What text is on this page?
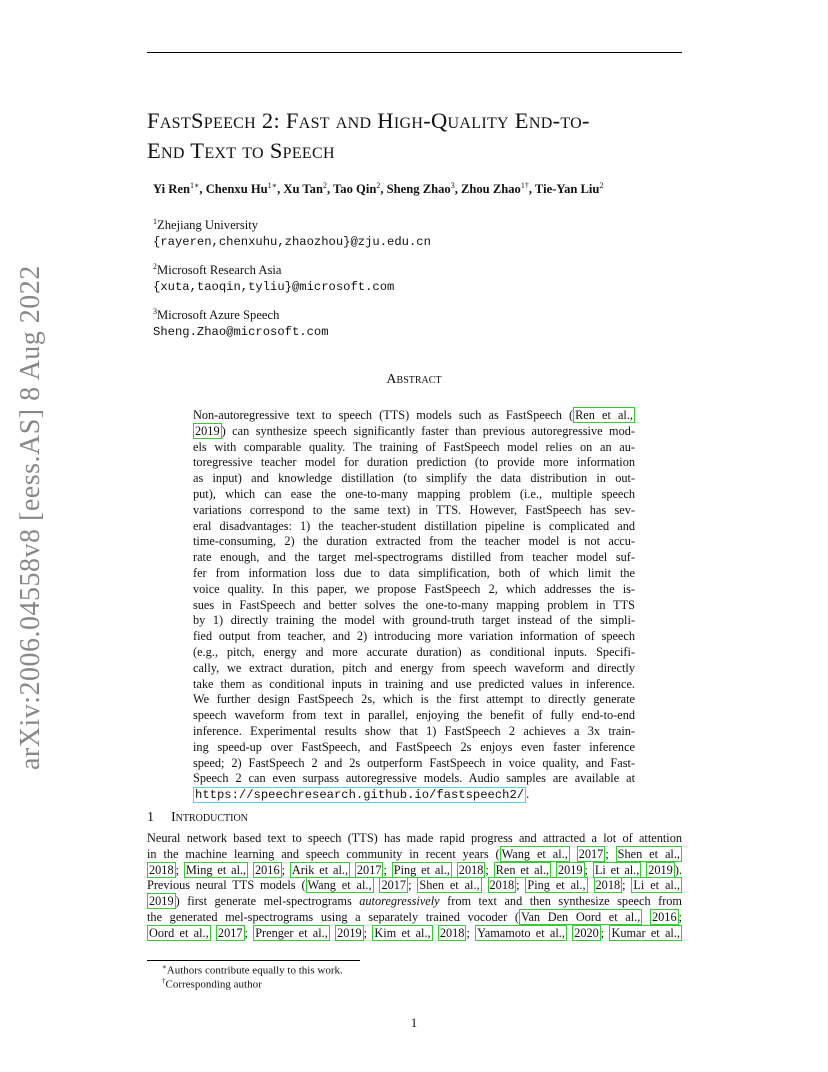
arXiv:2006.04558v8 [eess.AS] 8 Aug 2022
FastSpeech 2: Fast and High-Quality End-to-
End Text to Speech
Yi Ren$^{1∗}$, Chenxu $Hu^{1∗}$, Xu Tan$^2$, Tao Qin$^2$, Sheng Zhao$^3$, Zhou Zhao$^{1\dagger}$, Tie-Yan Liu$^2$
$^1$Zhejiang University
{rayeren,chenxuhu,zhaozhou}@zju.edu.cn
$^2$Microsoft Research Asia
{xuta,taoqin,tyliu}@microsoft.com
$^3$Microsoft Azure Speech
Sheng.Zhao@microsoft.com
Abstract
Non-autoregressive text to speech (TTS) models such as FastSpeech ( Ren et al.,
2019 ) can synthesize speech significantly faster than previous autoregressive mod-
els with comparable quality. The training of FastSpeech model relies on an au-
toregressive teacher model for duration prediction (to provide more information
as input) and knowledge distillation (to simplify the data distribution in out-
put), which can ease the one-to-many mapping problem (i.e., multiple speech
variations correspond to the same text) in TTS. However, FastSpeech has sev-
eral disadvantages: 1) the teacher-student distillation pipeline is complicated and
time-consuming, 2) the duration extracted from the teacher model is not accu-
rate enough, and the target mel-spectrograms distilled from teacher model suf-
fer from information loss due to data simplification, both of which limit the
voice quality. In this paper, we propose FastSpeech 2, which addresses the is-
sues in FastSpeech and better solves the one-to-many mapping problem in TTS
by 1) directly training the model with ground-truth target instead of the simpli-
fied output from teacher, and 2) introducing more variation information of speech
(e.g., pitch, energy and more accurate duration) as conditional inputs. Specifi-
cally, we extract duration, pitch and energy from speech waveform and directly
take them as conditional inputs in training and use predicted values in inference.
We further design FastSpeech 2s, which is the first attempt to directly generate
speech waveform from text in parallel, enjoying the benefit of fully end-to-end
inference. Experimental results show that 1) FastSpeech 2 achieves a 3x train-
ing speed-up over FastSpeech, and FastSpeech 2s enjoys even faster inference
speed; 2) FastSpeech 2 and 2s outperform FastSpeech in voice quality, and Fast-
Speech 2 can even surpass autoregressive models. Audio samples are available at
https://speechresearch.github.io/fastspeech2/ .
1 Introduction
Neural network based text to speech (TTS) has made rapid progress and attracted a lot of attention
in the machine learning and speech community in recent years ( Wang et al., 2017 ; Shen et al.,
2018 ; Ming et al., 2016 ; Arik et al., 2017 ; Ping et al., 2018 ; Ren et al., 2019 ; Li et al., 2019 ).
Previous neural TTS models ( Wang et al., 2017 ; Shen et al., 2018 ; Ping et al., 2018 ; Li et al.,
2019 ) first generate mel-spectrograms autoregressively from text and then synthesize speech from
the generated mel-spectrograms using a separately trained vocoder ( Van Den Oord et al., 2016 ;
Oord et al., 2017 ; Prenger et al., 2019 ; Kim et al., 2018 ; Yamamoto et al., 2020 ; Kumar et al.,
∗Authors contribute equally to this work.
†Corresponding author
1
